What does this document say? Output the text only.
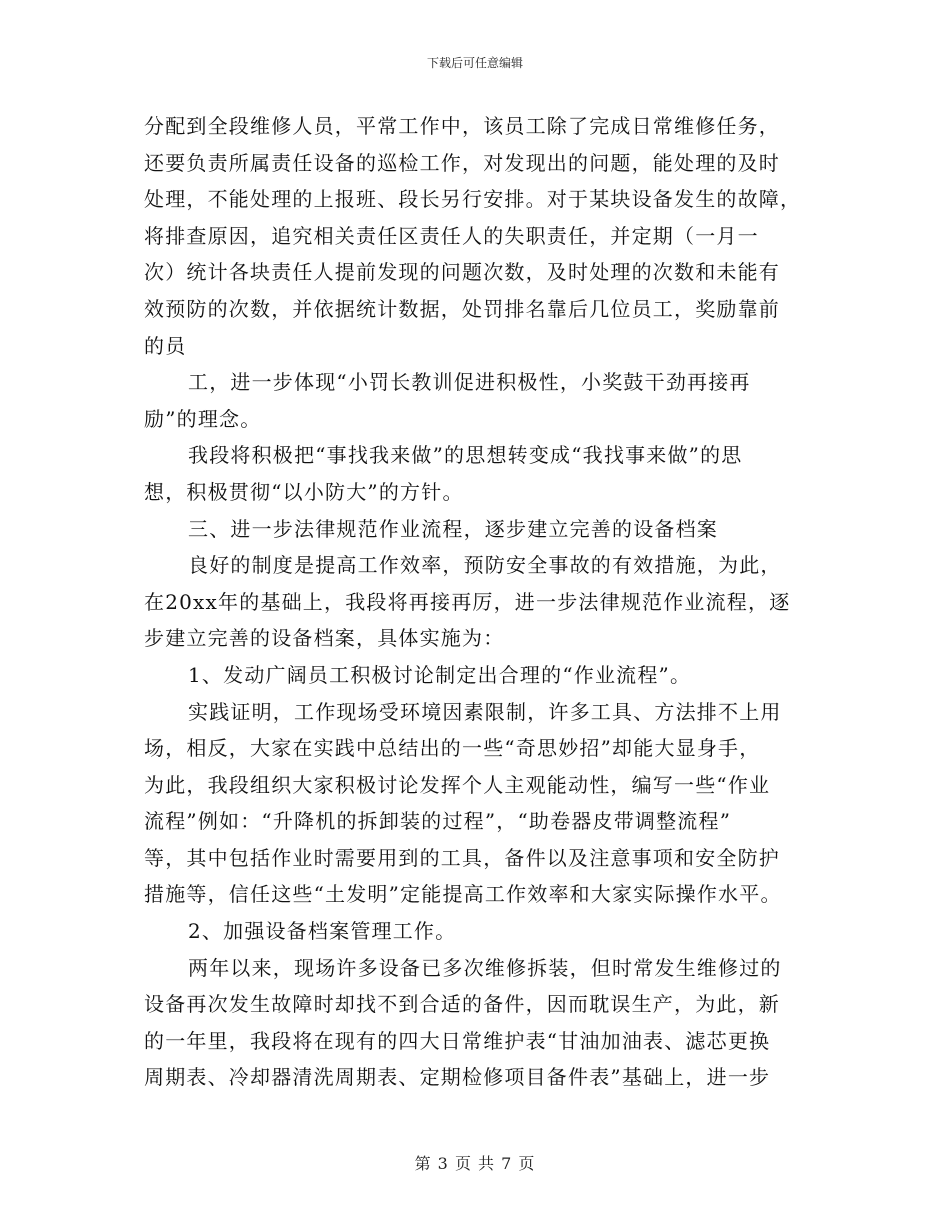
下载后可任意编辑
分配到全段维修人员，平常工作中，该员工除了完成日常维修任务，
还要负责所属责任设备的巡检工作，对发现出的问题，能处理的及时
处理，不能处理的上报班、段长另行安排。对于某块设备发生的故障，
将排查原因，追究相关责任区责任人的失职责任，并定期（一月一
次）统计各块责任人提前发现的问题次数，及时处理的次数和未能有
效预防的次数，并依据统计数据，处罚排名靠后几位员工，奖励靠前
的员
工，进一步体现“小罚长教训促进积极性，小奖鼓干劲再接再
励”的理念。
我段将积极把“事找我来做”的思想转变成“我找事来做”的思
想，积极贯彻“以小防大”的方针。
三、进一步法律规范作业流程，逐步建立完善的设备档案
良好的制度是提高工作效率，预防安全事故的有效措施，为此，
在20xx年的基础上，我段将再接再厉，进一步法律规范作业流程，逐
步建立完善的设备档案，具体实施为：
1、发动广阔员工积极讨论制定出合理的“作业流程”。
实践证明，工作现场受环境因素限制，许多工具、方法排不上用
场，相反，大家在实践中总结出的一些“奇思妙招”却能大显身手，
为此，我段组织大家积极讨论发挥个人主观能动性，编写一些“作业
流程”例如：“升降机的拆卸装的过程”，“助卷器皮带调整流程”
等，其中包括作业时需要用到的工具，备件以及注意事项和安全防护
措施等，信任这些“土发明”定能提高工作效率和大家实际操作水平。
2、加强设备档案管理工作。
两年以来，现场许多设备已多次维修拆装，但时常发生维修过的
设备再次发生故障时却找不到合适的备件，因而耽误生产，为此，新
的一年里，我段将在现有的四大日常维护表“甘油加油表、滤芯更换
周期表、冷却器清洗周期表、定期检修项目备件表”基础上，进一步
第 3 页 共 7 页
